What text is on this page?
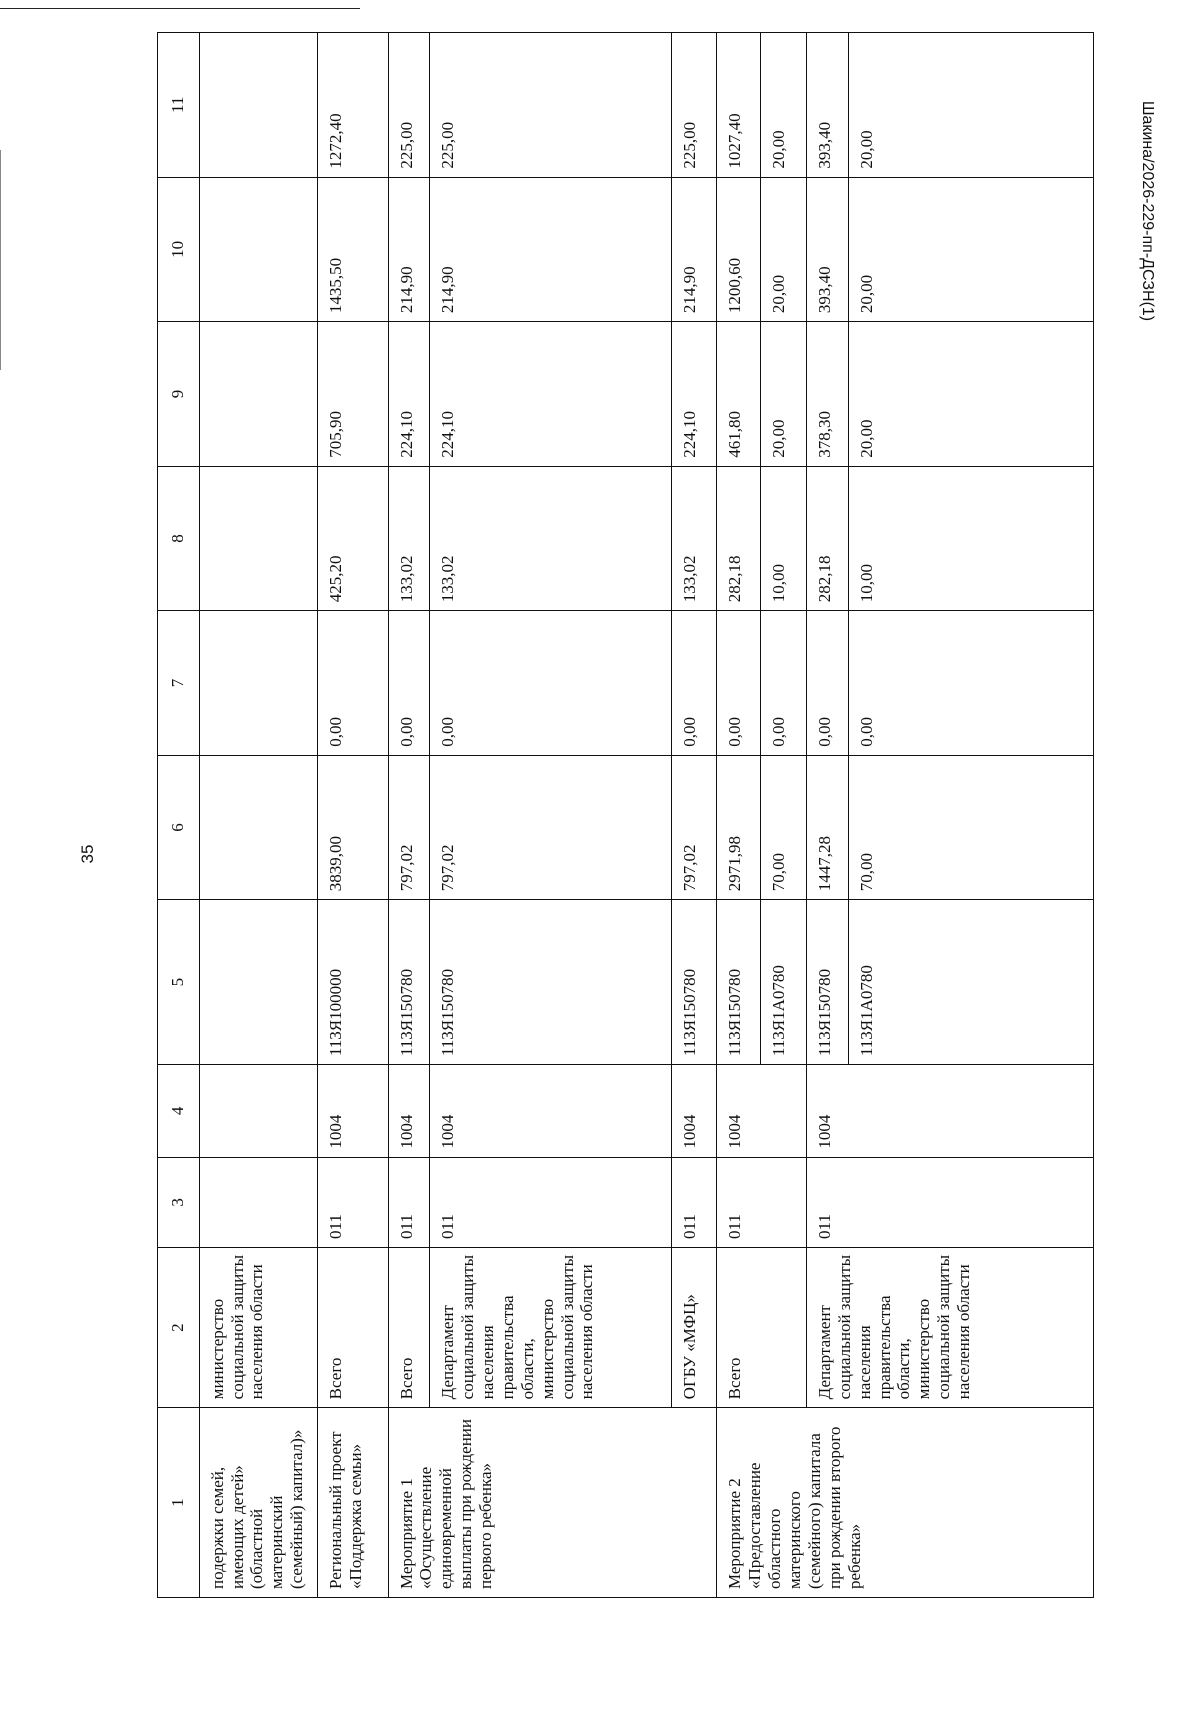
35
Шакина/2026-229-пп-ДСЗН(1)
1	2	3	4	5	6	7	8	9	10	11
подержки семей, имеющих детей» (областной материнский (семейный) капитал)»	министерство социальной защиты населения области									
Региональный проект «Поддержка семьи»	Всего	011	1004	113Я100000	3839,00	0,00	425,20	705,90	1435,50	1272,40
Мероприятие 1 «Осуществление единовременной выплаты при рождении первого ребенка»	Всего	011	1004	113Я150780	797,02	0,00	133,02	224,10	214,90	225,00
	Департамент социальной защиты населения правительства области, министерство социальной защиты населения области	011	1004	113Я150780	797,02	0,00	133,02	224,10	214,90	225,00
	ОГБУ «МФЦ»	011	1004	113Я150780	797,02	0,00	133,02	224,10	214,90	225,00
Мероприятие 2 «Предоставление областного материнского (семейного) капитала при рождении второго ребенка»	Всего	011	1004	113Я150780	2971,98	0,00	282,18	461,80	1200,60	1027,40
				113Я1А0780	70,00	0,00	10,00	20,00	20,00	20,00
	Департамент социальной защиты населения правительства области, министерство социальной защиты населения области	011	1004	113Я150780	1447,28	0,00	282,18	378,30	393,40	393,40
				113Я1А0780	70,00	0,00	10,00	20,00	20,00	20,00
